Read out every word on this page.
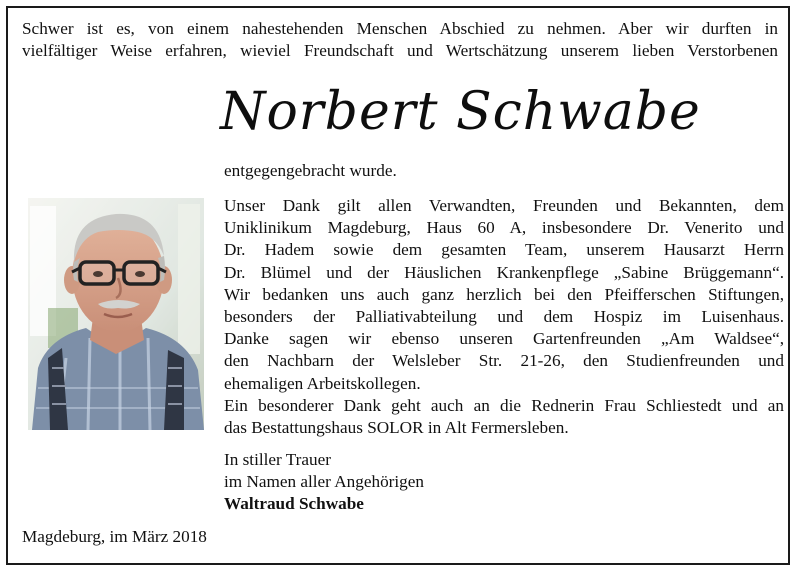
Schwer ist es, von einem nahestehenden Menschen Abschied zu nehmen. Aber wir durften in
vielfältiger Weise erfahren, wieviel Freundschaft und Wertschätzung unserem lieben Verstorbenen

Norbert Schwabe

entgegengebracht wurde.

Unser Dank gilt allen Verwandten, Freunden und Bekannten, dem
Uniklinikum Magdeburg, Haus 60 A, insbesondere Dr. Venerito und
Dr. Hadem sowie dem gesamten Team, unserem Hausarzt Herrn
Dr. Blümel und der Häuslichen Krankenpflege „Sabine Brüggemann“.
Wir bedanken uns auch ganz herzlich bei den Pfeifferschen Stiftungen,
besonders der Palliativabteilung und dem Hospiz im Luisenhaus.
Danke sagen wir ebenso unseren Gartenfreunden „Am Waldsee“,
den Nachbarn der Welsleber Str. 21-26, den Studienfreunden und
ehemaligen Arbeitskollegen.
Ein besonderer Dank geht auch an die Rednerin Frau Schliestedt und an
das Bestattungshaus SOLOR in Alt Fermersleben.

In stiller Trauer
im Namen aller Angehörigen
Waltraud Schwabe

Magdeburg, im März 2018
